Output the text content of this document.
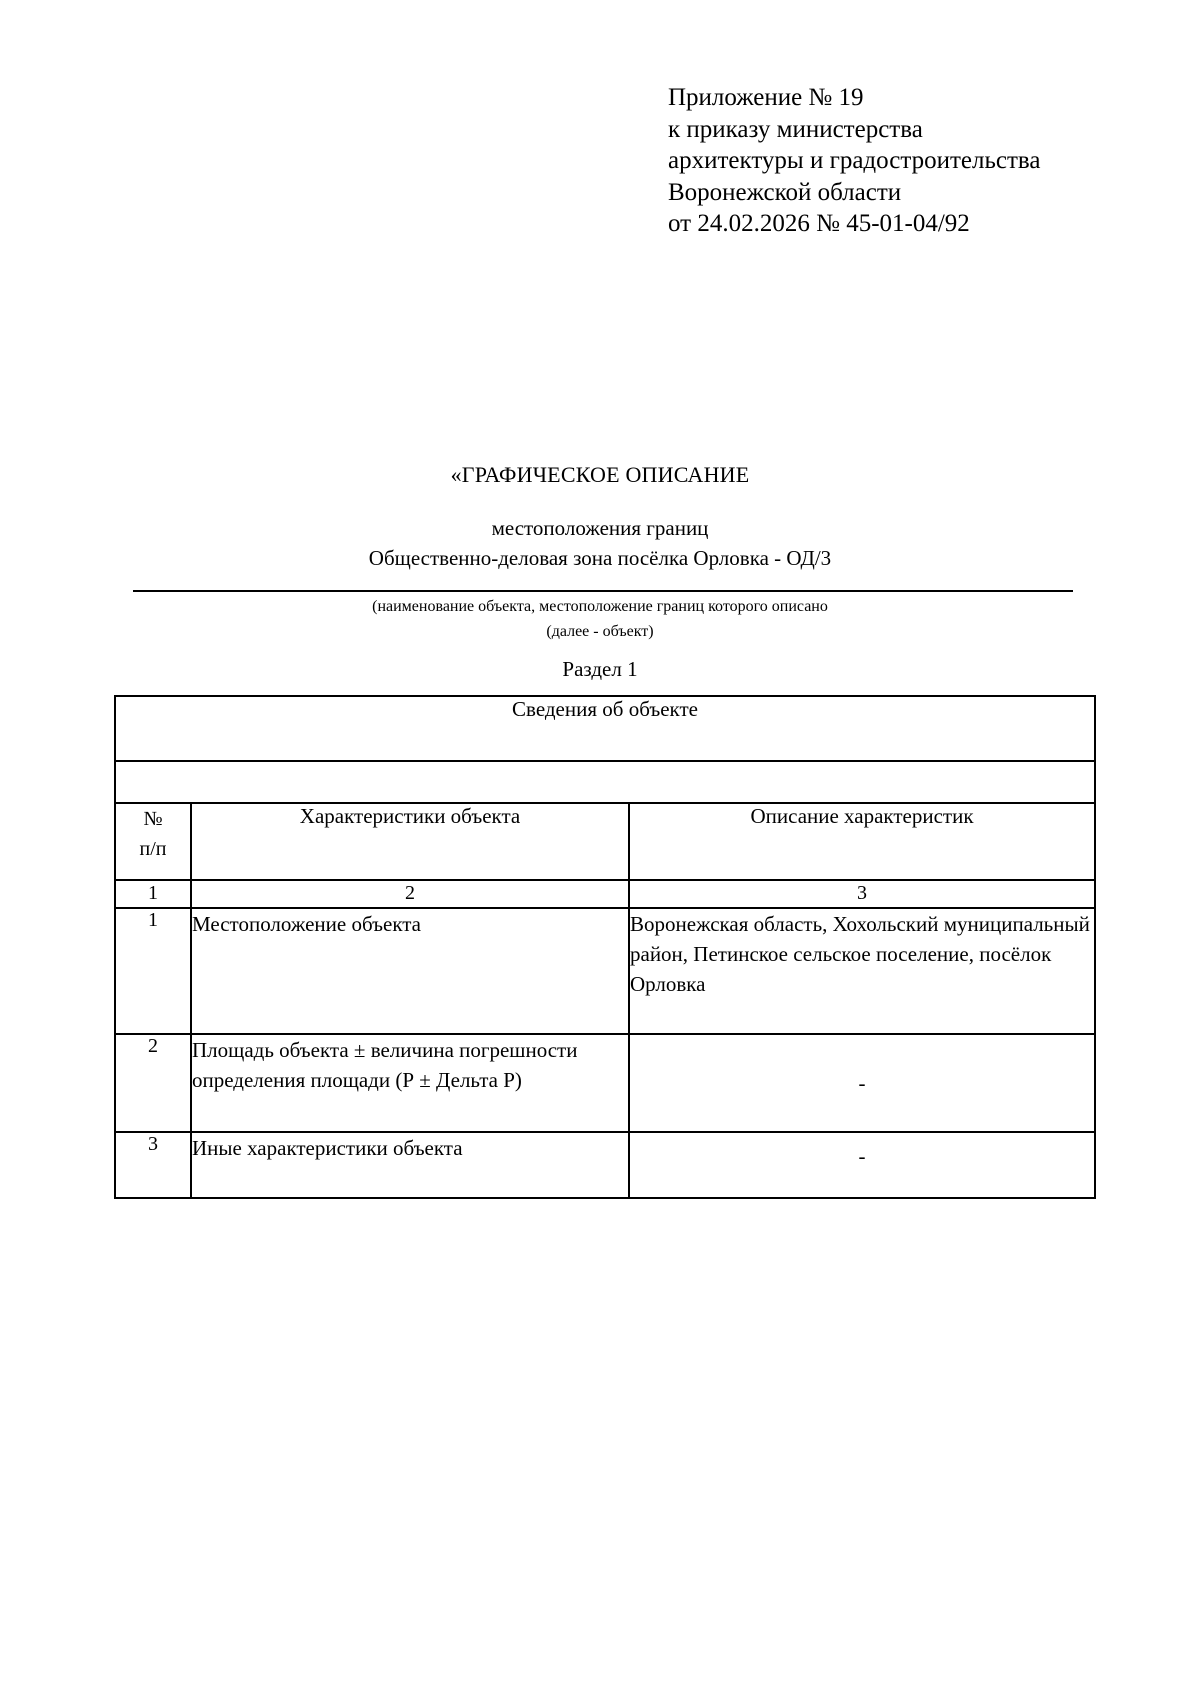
Приложение № 19
к приказу министерства
архитектуры и градостроительства
Воронежской области
от 24.02.2026 № 45-01-04/92
«ГРАФИЧЕСКОЕ ОПИСАНИЕ
местоположения границ
Общественно-деловая зона посёлка Орловка - ОД/3
(наименование объекта, местоположение границ которого описано
(далее - объект)
Раздел 1
Сведения об объекте		

№
п/п	Характеристики объекта	Описание характеристик
1	2	3
1	Местоположение объекта	Воронежская область, Хохольский муниципальный район, Петинское сельское поселение, посёлок Орловка
2	Площадь объекта ± величина погрешности определения площади (Р ± Дельта Р)	-
3	Иные характеристики объекта	-
